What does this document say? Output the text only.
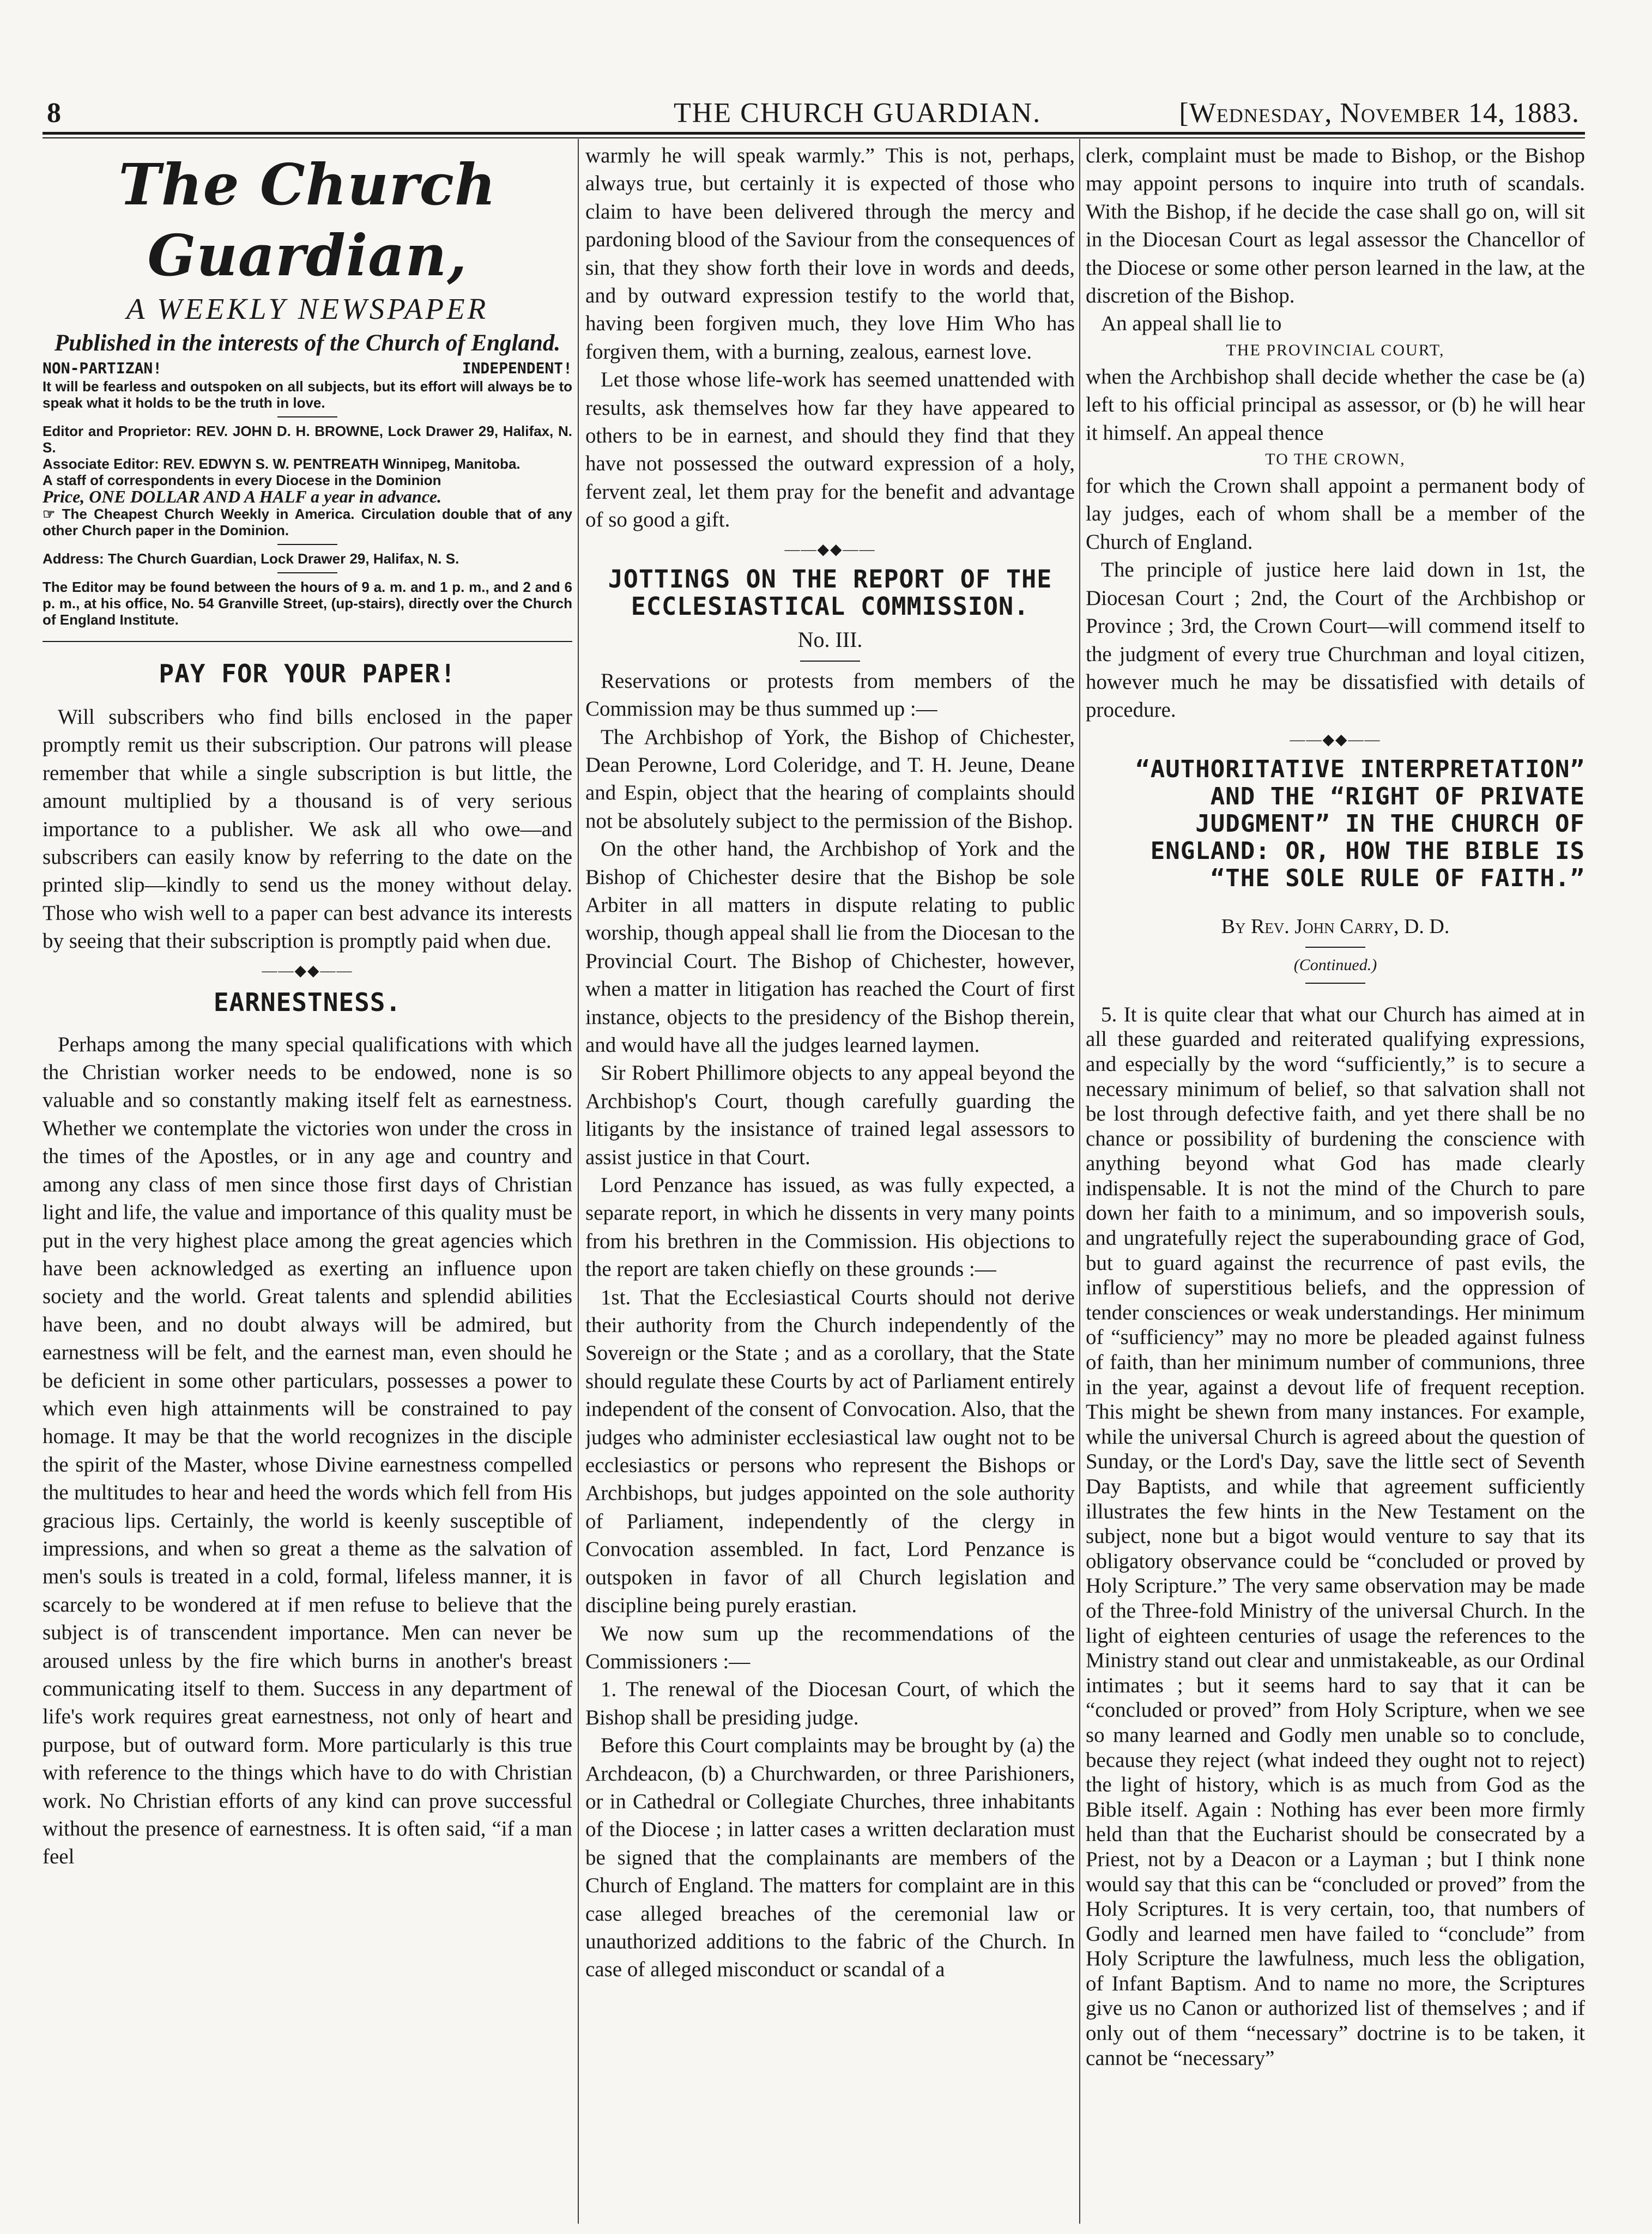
8	THE CHURCH GUARDIAN.	[Wednesday, November 14, 1883.
The Church Guardian,
A WEEKLY NEWSPAPER
Published in the interests of the Church of England.
NON-PARTIZAN!	INDEPENDENT!

It will be fearless and outspoken on all subjects, but its effort will always be to speak what it holds to be the truth in love.

Editor and Proprietor: REV. JOHN D. H. BROWNE, Lock Drawer 29, Halifax, N. S.

Associate Editor: REV. EDWYN S. W. PENTREATH Winnipeg, Manitoba.

A staff of correspondents in every Diocese in the Dominion

Price, ONE DOLLAR AND A HALF a year in advance.

☞ The Cheapest Church Weekly in America. Circulation double that of any other Church paper in the Dominion.

Address: The Church Guardian, Lock Drawer 29, Halifax, N. S.

The Editor may be found between the hours of 9 a. m. and 1 p. m., and 2 and 6 p. m., at his office, No. 54 Granville Street, (up-stairs), directly over the Church of England Institute.

PAY FOR YOUR PAPER!

Will subscribers who find bills enclosed in the paper promptly remit us their subscription. Our patrons will please remember that while a single subscription is but little, the amount multiplied by a thousand is of very serious importance to a publisher. We ask all who owe—and subscribers can easily know by referring to the date on the printed slip—kindly to send us the money without delay. Those who wish well to a paper can best advance its interests by seeing that their subscription is promptly paid when due.

——◆◆——

EARNESTNESS.

Perhaps among the many special qualifications with which the Christian worker needs to be endowed, none is so valuable and so constantly making itself felt as earnestness. Whether we contemplate the victories won under the cross in the times of the Apostles, or in any age and country and among any class of men since those first days of Christian light and life, the value and importance of this quality must be put in the very highest place among the great agencies which have been acknowledged as exerting an influence upon society and the world. Great talents and splendid abilities have been, and no doubt always will be admired, but earnestness will be felt, and the earnest man, even should he be deficient in some other particulars, possesses a power to which even high attainments will be constrained to pay homage. It may be that the world recognizes in the disciple the spirit of the Master, whose Divine earnestness compelled the multitudes to hear and heed the words which fell from His gracious lips. Certainly, the world is keenly susceptible of impressions, and when so great a theme as the salvation of men's souls is treated in a cold, formal, lifeless manner, it is scarcely to be wondered at if men refuse to believe that the subject is of transcendent importance. Men can never be aroused unless by the fire which burns in another's breast communicating itself to them. Success in any department of life's work requires great earnestness, not only of heart and purpose, but of outward form. More particularly is this true with reference to the things which have to do with Christian work. No Christian efforts of any kind can prove successful without the presence of earnestness. It is often said, “if a man feel

warmly he will speak warmly.” This is not, perhaps, always true, but certainly it is expected of those who claim to have been delivered through the mercy and pardoning blood of the Saviour from the consequences of sin, that they show forth their love in words and deeds, and by outward expression testify to the world that, having been forgiven much, they love Him Who has forgiven them, with a burning, zealous, earnest love.

Let those whose life-work has seemed unattended with results, ask themselves how far they have appeared to others to be in earnest, and should they find that they have not possessed the outward expression of a holy, fervent zeal, let them pray for the benefit and advantage of so good a gift.

——◆◆——

JOTTINGS ON THE REPORT OF THE ECCLESIASTICAL COMMISSION.

No. III.

Reservations or protests from members of the Commission may be thus summed up :—

The Archbishop of York, the Bishop of Chichester, Dean Perowne, Lord Coleridge, and T. H. Jeune, Deane and Espin, object that the hearing of complaints should not be absolutely subject to the permission of the Bishop.

On the other hand, the Archbishop of York and the Bishop of Chichester desire that the Bishop be sole Arbiter in all matters in dispute relating to public worship, though appeal shall lie from the Diocesan to the Provincial Court. The Bishop of Chichester, however, when a matter in litigation has reached the Court of first instance, objects to the presidency of the Bishop therein, and would have all the judges learned laymen.

Sir Robert Phillimore objects to any appeal beyond the Archbishop's Court, though carefully guarding the litigants by the insistance of trained legal assessors to assist justice in that Court.

Lord Penzance has issued, as was fully expected, a separate report, in which he dissents in very many points from his brethren in the Commission. His objections to the report are taken chiefly on these grounds :—

1st. That the Ecclesiastical Courts should not derive their authority from the Church independently of the Sovereign or the State ; and as a corollary, that the State should regulate these Courts by act of Parliament entirely independent of the consent of Convocation. Also, that the judges who administer ecclesiastical law ought not to be ecclesiastics or persons who represent the Bishops or Archbishops, but judges appointed on the sole authority of Parliament, independently of the clergy in Convocation assembled. In fact, Lord Penzance is outspoken in favor of all Church legislation and discipline being purely erastian.

We now sum up the recommendations of the Commissioners :—

1. The renewal of the Diocesan Court, of which the Bishop shall be presiding judge.

Before this Court complaints may be brought by (a) the Archdeacon, (b) a Churchwarden, or three Parishioners, or in Cathedral or Collegiate Churches, three inhabitants of the Diocese ; in latter cases a written declaration must be signed that the complainants are members of the Church of England. The matters for complaint are in this case alleged breaches of the ceremonial law or unauthorized additions to the fabric of the Church. In case of alleged misconduct or scandal of a

clerk, complaint must be made to Bishop, or the Bishop may appoint persons to inquire into truth of scandals. With the Bishop, if he decide the case shall go on, will sit in the Diocesan Court as legal assessor the Chancellor of the Diocese or some other person learned in the law, at the discretion of the Bishop.

An appeal shall lie to

THE PROVINCIAL COURT,

when the Archbishop shall decide whether the case be (a) left to his official principal as assessor, or (b) he will hear it himself. An appeal thence

TO THE CROWN,

for which the Crown shall appoint a permanent body of lay judges, each of whom shall be a member of the Church of England.

The principle of justice here laid down in 1st, the Diocesan Court ; 2nd, the Court of the Archbishop or Province ; 3rd, the Crown Court—will commend itself to the judgment of every true Churchman and loyal citizen, however much he may be dissatisfied with details of procedure.

——◆◆——

“AUTHORITATIVE INTERPRETATION” AND THE “RIGHT OF PRIVATE JUDGMENT” IN THE CHURCH OF ENGLAND: OR, HOW THE BIBLE IS “THE SOLE RULE OF FAITH.”

By Rev. John Carry, D. D.

(Continued.)

5. It is quite clear that what our Church has aimed at in all these guarded and reiterated qualifying expressions, and especially by the word “sufficiently,” is to secure a necessary minimum of belief, so that salvation shall not be lost through defective faith, and yet there shall be no chance or possibility of burdening the conscience with anything beyond what God has made clearly indispensable. It is not the mind of the Church to pare down her faith to a minimum, and so impoverish souls, and ungratefully reject the superabounding grace of God, but to guard against the recurrence of past evils, the inflow of superstitious beliefs, and the oppression of tender consciences or weak understandings. Her minimum of “sufficiency” may no more be pleaded against fulness of faith, than her minimum number of communions, three in the year, against a devout life of frequent reception. This might be shewn from many instances. For example, while the universal Church is agreed about the question of Sunday, or the Lord's Day, save the little sect of Seventh Day Baptists, and while that agreement sufficiently illustrates the few hints in the New Testament on the subject, none but a bigot would venture to say that its obligatory observance could be “concluded or proved by Holy Scripture.” The very same observation may be made of the Three-fold Ministry of the universal Church. In the light of eighteen centuries of usage the references to the Ministry stand out clear and unmistakeable, as our Ordinal intimates ; but it seems hard to say that it can be “concluded or proved” from Holy Scripture, when we see so many learned and Godly men unable so to conclude, because they reject (what indeed they ought not to reject) the light of history, which is as much from God as the Bible itself. Again : Nothing has ever been more firmly held than that the Eucharist should be consecrated by a Priest, not by a Deacon or a Layman ; but I think none would say that this can be “concluded or proved” from the Holy Scriptures. It is very certain, too, that numbers of Godly and learned men have failed to “conclude” from Holy Scripture the lawfulness, much less the obligation, of Infant Baptism. And to name no more, the Scriptures give us no Canon or authorized list of themselves ; and if only out of them “necessary” doctrine is to be taken, it cannot be “necessary”
